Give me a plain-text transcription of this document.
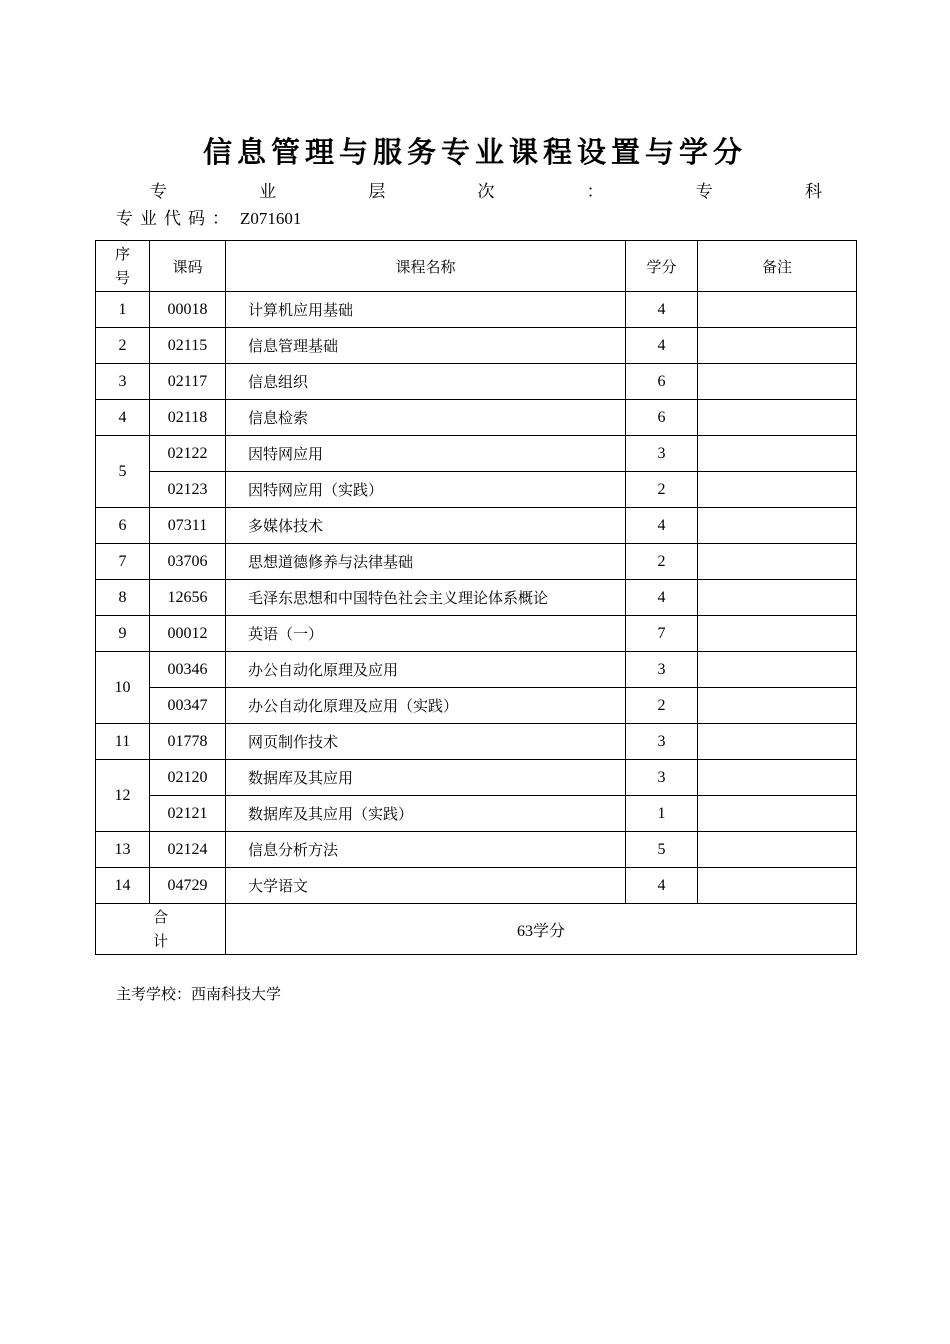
信息管理与服务专业课程设置与学分
专	业	层	次	：	专	科
专业代码： Z071601
序
号	课码	课程名称	学分	备注
1	00018	计算机应用基础	4	
2	02115	信息管理基础	4	
3	02117	信息组织	6	
4	02118	信息检索	6	
5	02122	因特网应用	3	
	02123	因特网应用（实践）	2	
6	07311	多媒体技术	4	
7	03706	思想道德修养与法律基础	2	
8	12656	毛泽东思想和中国特色社会主义理论体系概论	4	
9	00012	英语（一）	7	
10	00346	办公自动化原理及应用	3	
	00347	办公自动化原理及应用（实践）	2	
11	01778	网页制作技术	3	
12	02120	数据库及其应用	3	
	02121	数据库及其应用（实践）	1	
13	02124	信息分析方法	5	
14	04729	大学语文	4	
合
计		63学分		
主考学校：西南科技大学
